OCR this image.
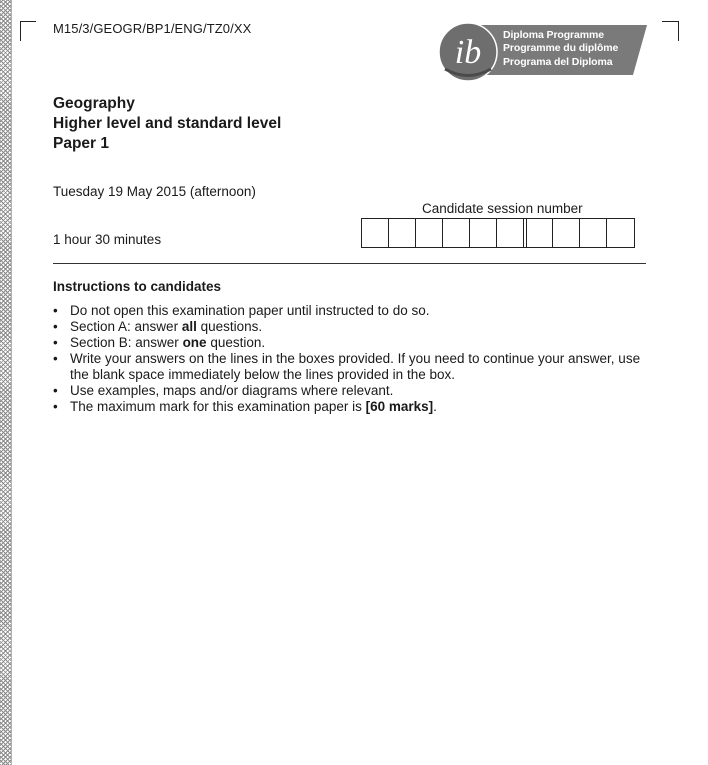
M15/3/GEOGR/BP1/ENG/TZ0/XX
ib Diploma Programme
Programme du diplôme
Programa del Diploma
Geography
Higher level and standard level
Paper 1
Tuesday 19 May 2015 (afternoon)
1 hour 30 minutes
Candidate session number
Instructions to candidates
• Do not open this examination paper until instructed to do so.
• Section A: answer all questions.
• Section B: answer one question.
• Write your answers on the lines in the boxes provided. If you need to continue your answer, use the blank space immediately below the lines provided in the box.
• Use examples, maps and/or diagrams where relevant.
• The maximum mark for this examination paper is [60 marks].
